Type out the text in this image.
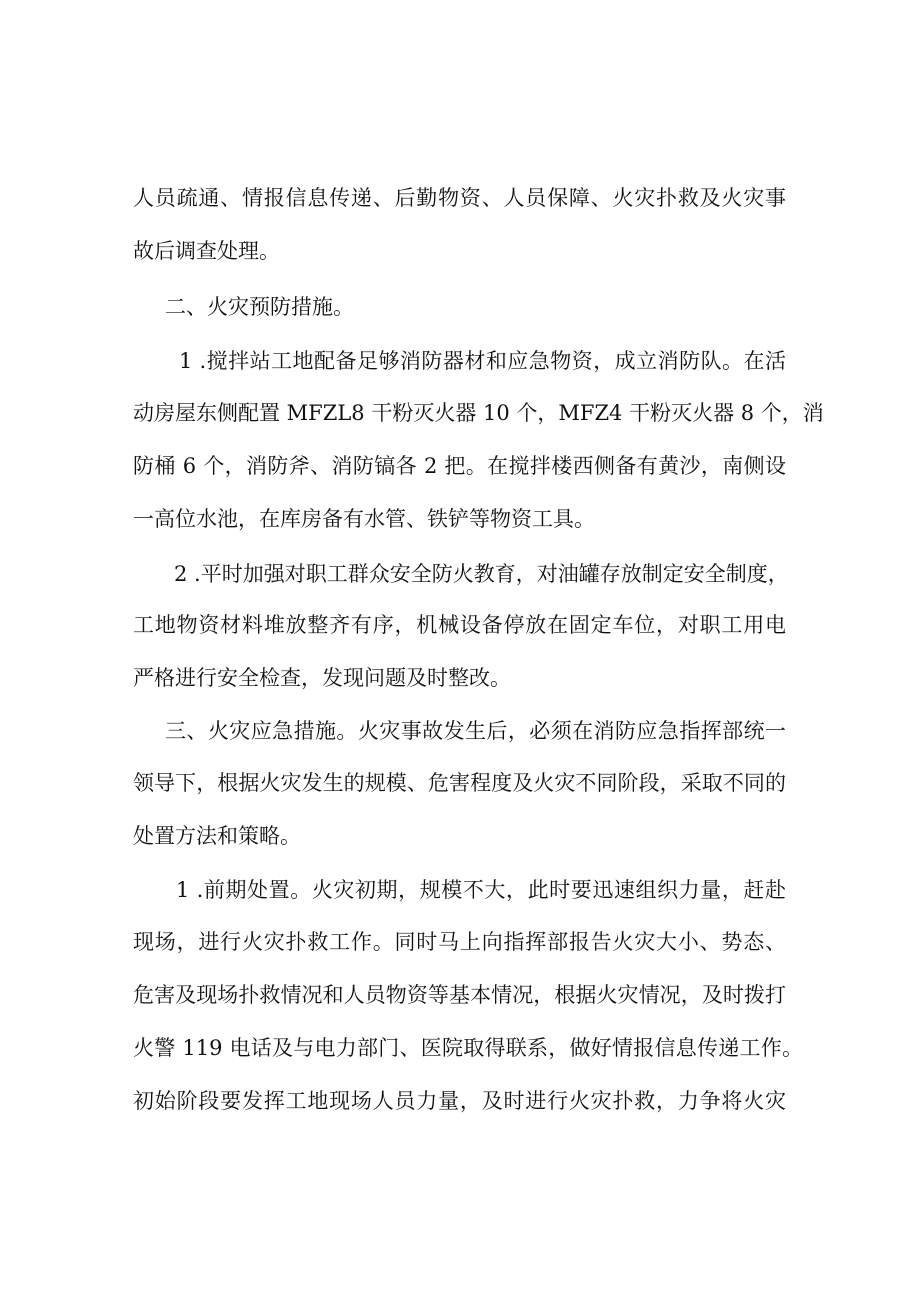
人员疏通、情报信息传递、后勤物资、人员保障、火灾扑救及火灾事
故后调查处理。
二、火灾预防措施。
1 .搅拌站工地配备足够消防器材和应急物资，成立消防队。在活
动房屋东侧配置 MFZL8 干粉灭火器 10 个，MFZ4 干粉灭火器 8 个，消
防桶 6 个，消防斧、消防镐各 2 把。在搅拌楼西侧备有黄沙，南侧设
一高位水池，在库房备有水管、铁铲等物资工具。
2 .平时加强对职工群众安全防火教育，对油罐存放制定安全制度，
工地物资材料堆放整齐有序，机械设备停放在固定车位，对职工用电
严格进行安全检查，发现问题及时整改。
三、火灾应急措施。火灾事故发生后，必须在消防应急指挥部统一
领导下，根据火灾发生的规模、危害程度及火灾不同阶段，采取不同的
处置方法和策略。
1 .前期处置。火灾初期，规模不大，此时要迅速组织力量，赶赴
现场，进行火灾扑救工作。同时马上向指挥部报告火灾大小、势态、
危害及现场扑救情况和人员物资等基本情况，根据火灾情况，及时拨打
火警 119 电话及与电力部门、医院取得联系，做好情报信息传递工作。
初始阶段要发挥工地现场人员力量，及时进行火灾扑救，力争将火灾
